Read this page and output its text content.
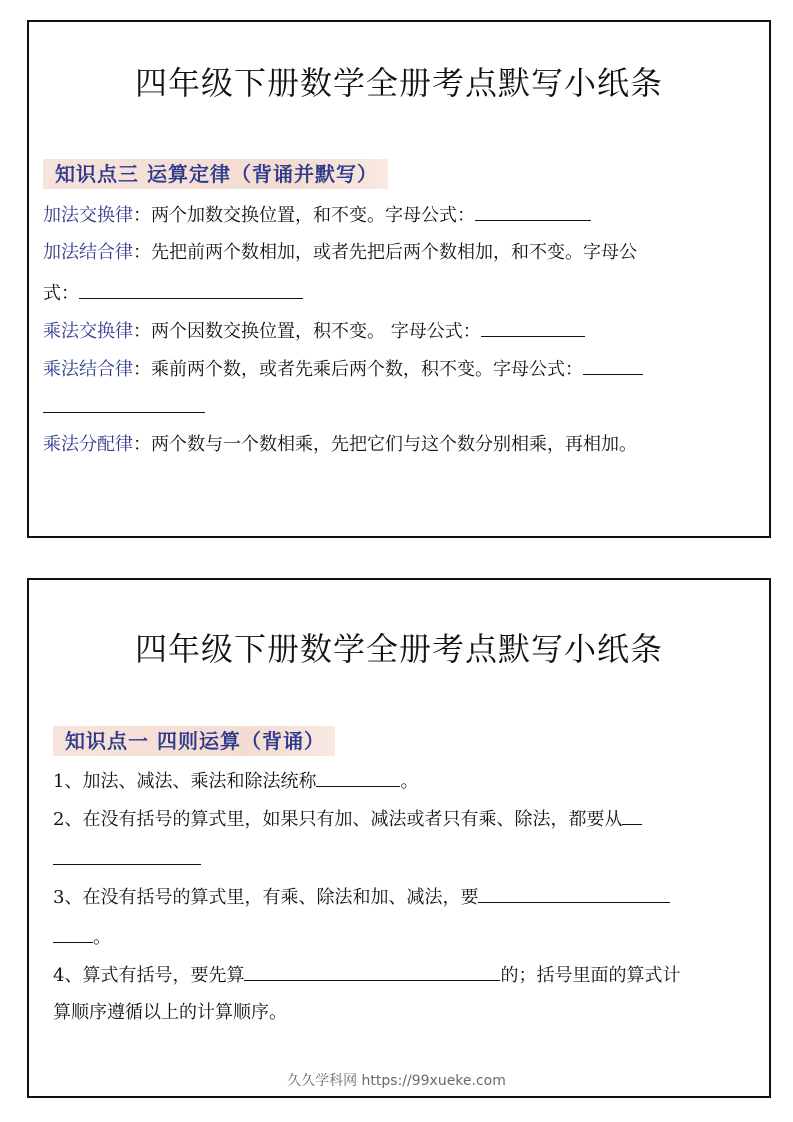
四年级下册数学全册考点默写小纸条
知识点三 运算定律（背诵并默写）
加法交换律：两个加数交换位置，和不变。字母公式：
加法结合律：先把前两个数相加，或者先把后两个数相加，和不变。字母公
式：
乘法交换律：两个因数交换位置，积不变。 字母公式：
乘法结合律：乘前两个数，或者先乘后两个数，积不变。字母公式：
乘法分配律：两个数与一个数相乘，先把它们与这个数分别相乘，再相加。
四年级下册数学全册考点默写小纸条
知识点一 四则运算（背诵）
1、加法、减法、乘法和除法统称	。
2、在没有括号的算式里，如果只有加、减法或者只有乘、除法，都要从
3、在没有括号的算式里，有乘、除法和加、减法，要
。
4、算式有括号，要先算	的；括号里面的算式计
算顺序遵循以上的计算顺序。
久久学科网 https://99xueke.com
